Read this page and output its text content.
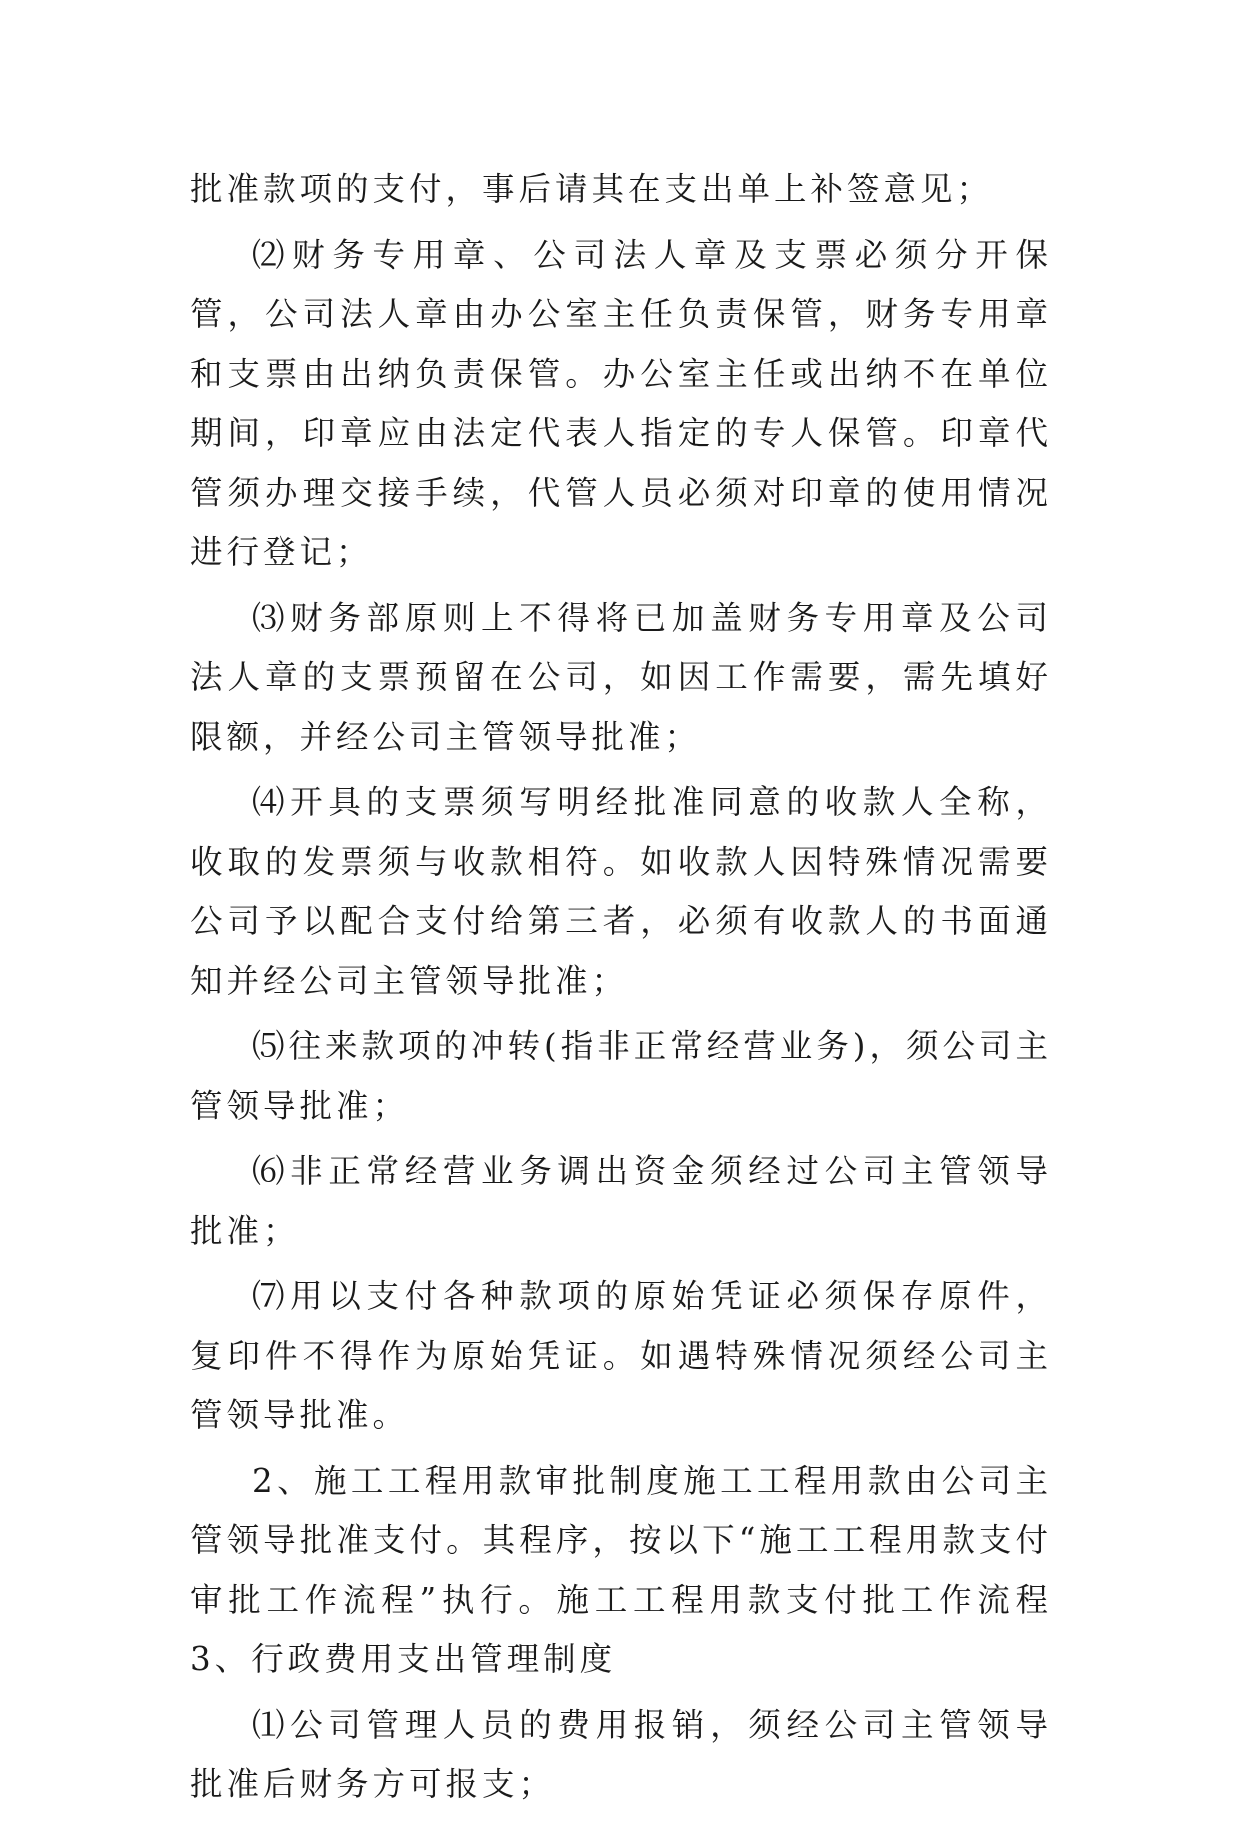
批准款项的支付，事后请其在支出单上补签意见；

⑵财务专用章、公司法人章及支票必须分开保管，公司法人章由办公室主任负责保管，财务专用章和支票由出纳负责保管。办公室主任或出纳不在单位期间，印章应由法定代表人指定的专人保管。印章代管须办理交接手续，代管人员必须对印章的使用情况进行登记；

⑶财务部原则上不得将已加盖财务专用章及公司法人章的支票预留在公司，如因工作需要，需先填好限额，并经公司主管领导批准；

⑷开具的支票须写明经批准同意的收款人全称，收取的发票须与收款相符。如收款人因特殊情况需要公司予以配合支付给第三者，必须有收款人的书面通知并经公司主管领导批准；

⑸往来款项的冲转(指非正常经营业务)，须公司主管领导批准；

⑹非正常经营业务调出资金须经过公司主管领导批准；

⑺用以支付各种款项的原始凭证必须保存原件，复印件不得作为原始凭证。如遇特殊情况须经公司主管领导批准。

2、施工工程用款审批制度施工工程用款由公司主管领导批准支付。其程序，按以下“施工工程用款支付审批工作流程”执行。施工工程用款支付批工作流程 3、行政费用支出管理制度

⑴公司管理人员的费用报销，须经公司主管领导批准后财务方可报支；
